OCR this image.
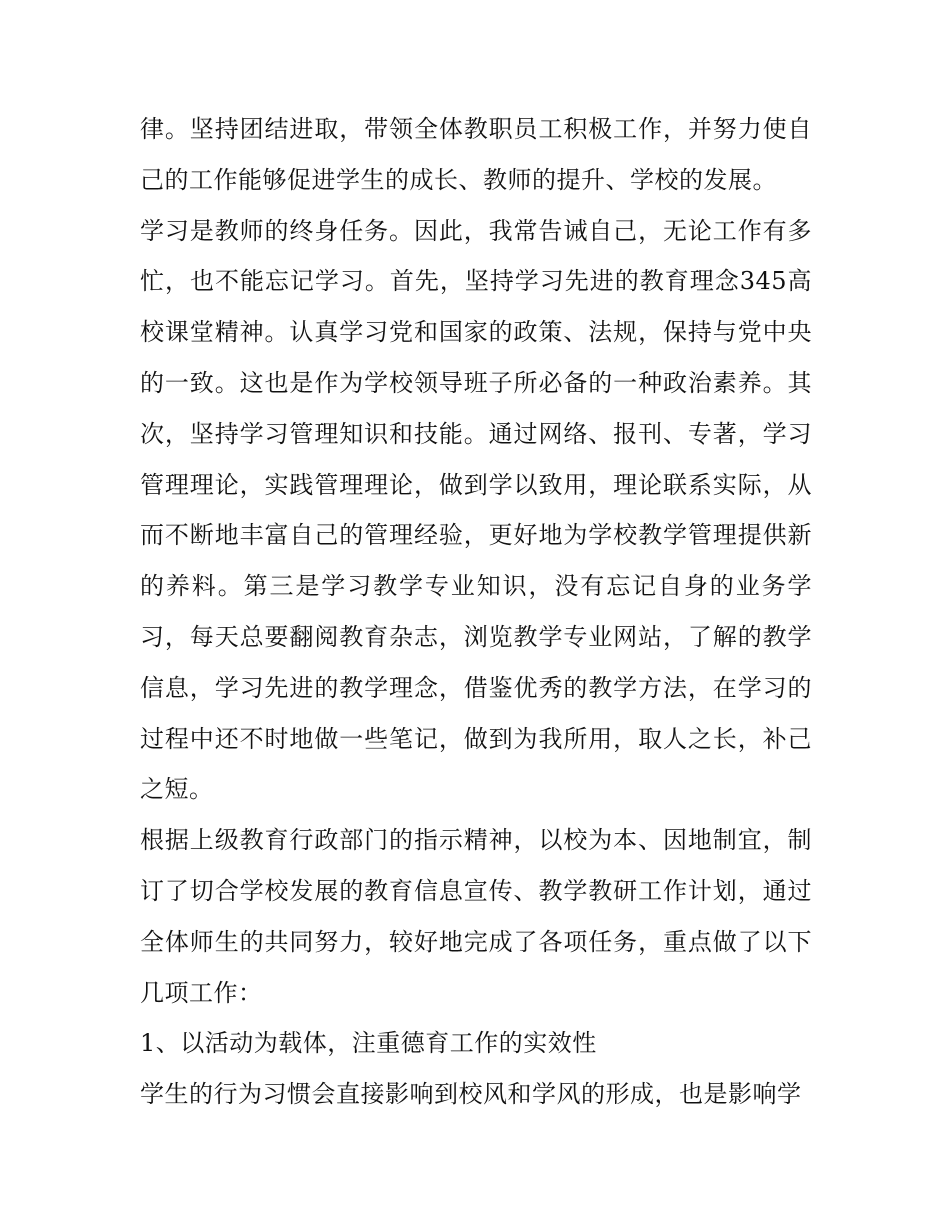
律。坚持团结进取，带领全体教职员工积极工作，并努力使自己的工作能够促进学生的成长、教师的提升、学校的发展。

学习是教师的终身任务。因此，我常告诫自己，无论工作有多忙，也不能忘记学习。首先，坚持学习先进的教育理念345高校课堂精神。认真学习党和国家的政策、法规，保持与党中央的一致。这也是作为学校领导班子所必备的一种政治素养。其次，坚持学习管理知识和技能。通过网络、报刊、专著，学习管理理论，实践管理理论，做到学以致用，理论联系实际，从而不断地丰富自己的管理经验，更好地为学校教学管理提供新的养料。第三是学习教学专业知识，没有忘记自身的业务学习，每天总要翻阅教育杂志，浏览教学专业网站，了解的教学信息，学习先进的教学理念，借鉴优秀的教学方法，在学习的过程中还不时地做一些笔记，做到为我所用，取人之长，补己之短。

根据上级教育行政部门的指示精神，以校为本、因地制宜，制订了切合学校发展的教育信息宣传、教学教研工作计划，通过全体师生的共同努力，较好地完成了各项任务，重点做了以下几项工作：

1、以活动为载体，注重德育工作的实效性

学生的行为习惯会直接影响到校风和学风的形成，也是影响学
